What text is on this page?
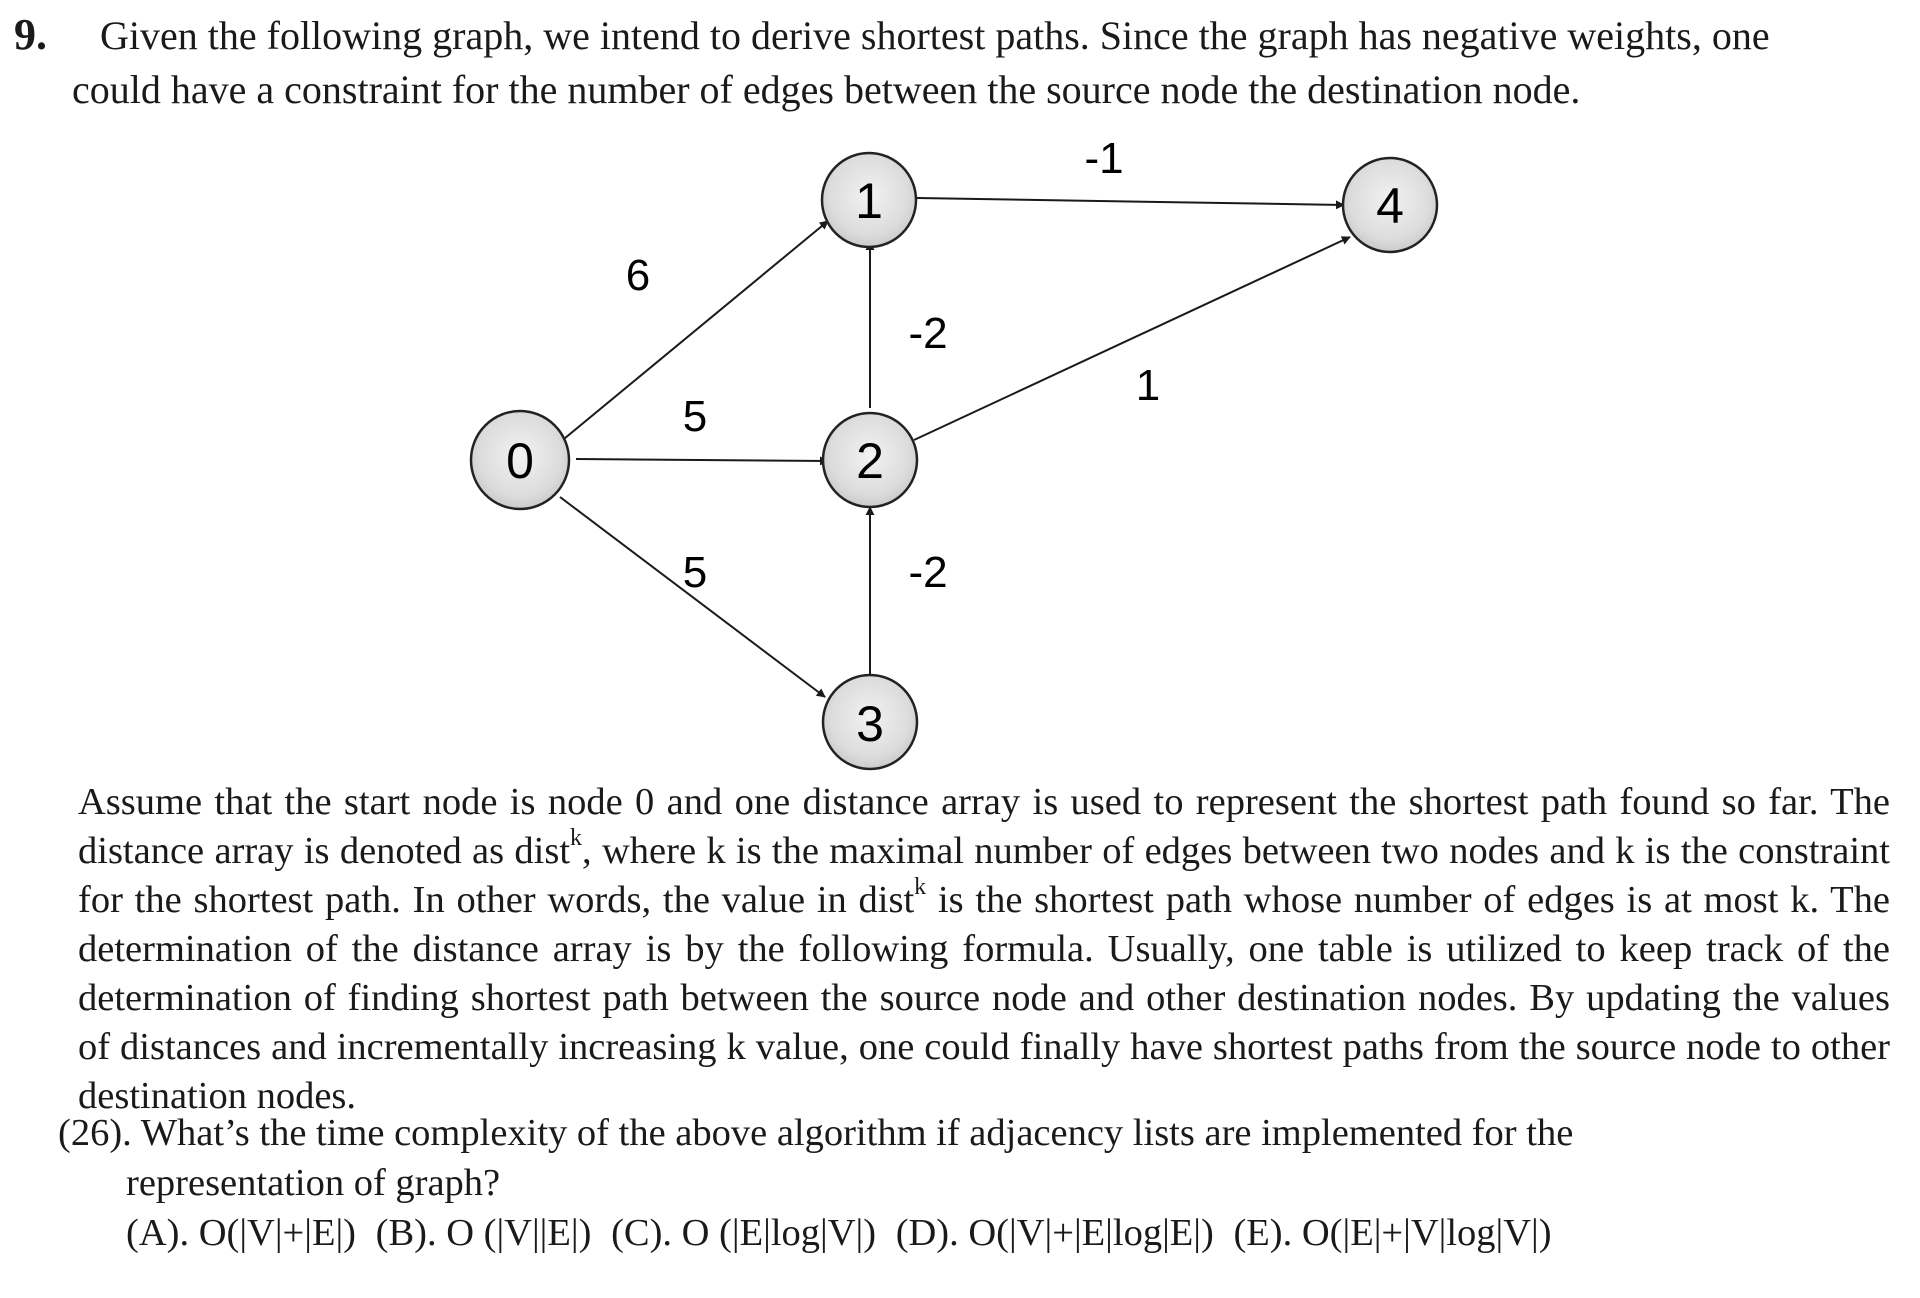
9. Given the following graph, we intend to derive shortest paths. Since the graph has negative weights, one
could have a constraint for the number of edges between the source node the destination node.
6
5
5
-2
-2
-1
1
0
1
2
3
4

Assume that the start node is node 0 and one distance array is used to represent the shortest path found so far. The distance array is denoted as dist$^k$, where k is the maximal number of edges between two nodes and k is the constraint for the shortest path. In other words, the value in dist$^k$ is the shortest path whose number of edges is at most k. The determination of the distance array is by the following formula. Usually, one table is utilized to keep track of the determination of finding shortest path between the source node and other destination nodes. By updating the values of distances and incrementally increasing k value, one could finally have shortest paths from the source node to other destination nodes.

(26). What’s the time complexity of the above algorithm if adjacency lists are implemented for the
representation of graph?
(A). O(|V|+|E|) (B). O (|V||E|) (C). O (|E|log|V|) (D). O(|V|+|E|log|E|) (E). O(|E|+|V|log|V|)
